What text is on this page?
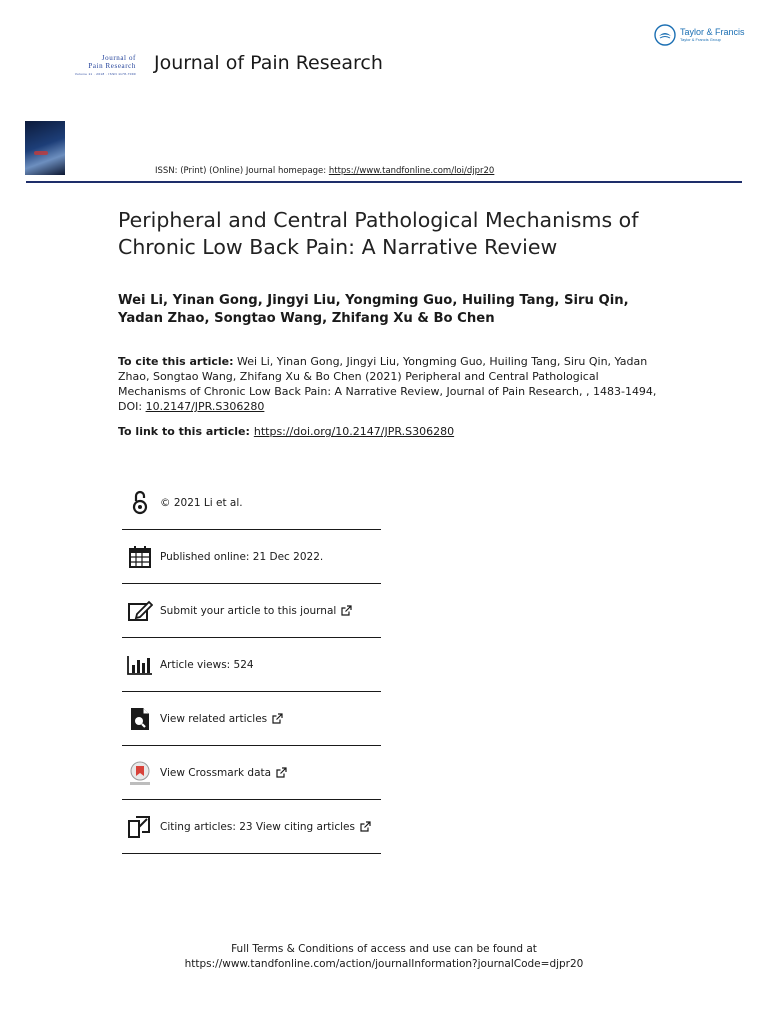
Taylor & Francis
Taylor & Francis Group
Journal of
Pain Research
Volume 11 · 2018 · ISSN 1178-7090 Journal of Pain Research
ISSN: (Print) (Online) Journal homepage: https://www.tandfonline.com/loi/djpr20
Peripheral and Central Pathological Mechanisms of Chronic Low Back Pain: A Narrative Review
Wei Li, Yinan Gong, Jingyi Liu, Yongming Guo, Huiling Tang, Siru Qin, Yadan Zhao, Songtao Wang, Zhifang Xu & Bo Chen
To cite this article: Wei Li, Yinan Gong, Jingyi Liu, Yongming Guo, Huiling Tang, Siru Qin, Yadan Zhao, Songtao Wang, Zhifang Xu & Bo Chen (2021) Peripheral and Central Pathological Mechanisms of Chronic Low Back Pain: A Narrative Review, Journal of Pain Research, , 1483-1494, DOI: 10.2147/JPR.S306280
To link to this article: https://doi.org/10.2147/JPR.S306280
© 2021 Li et al.
Published online: 21 Dec 2022.
Submit your article to this journal
Article views: 524
View related articles
View Crossmark data
Citing articles: 23 View citing articles
Full Terms & Conditions of access and use can be found at
https://www.tandfonline.com/action/journalInformation?journalCode=djpr20
